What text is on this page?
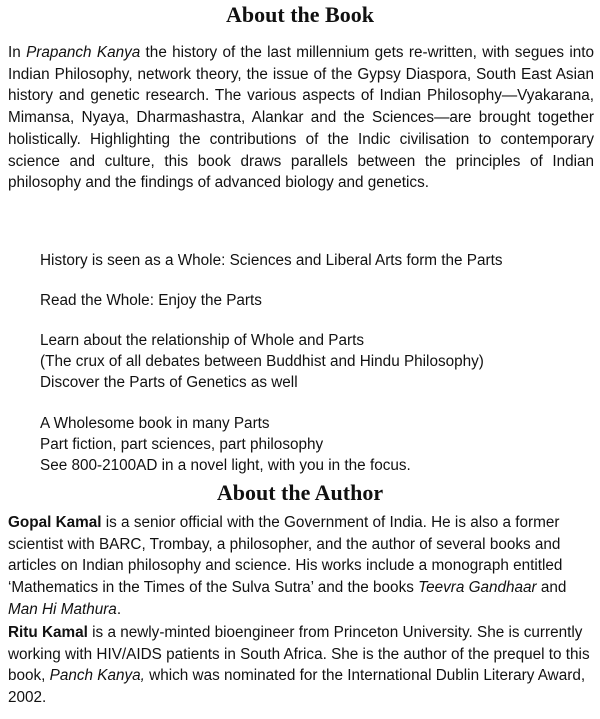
About the Book

In Prapanch Kanya the history of the last millennium gets re-written, with segues into Indian Philosophy, network theory, the issue of the Gypsy Diaspora, South East Asian history and genetic research. The various aspects of Indian Philosophy—Vyakarana, Mimansa, Nyaya, Dharmashastra, Alankar and the Sciences—are brought together holistically. Highlighting the contributions of the Indic civilisation to contemporary science and culture, this book draws parallels between the principles of Indian philosophy and the findings of advanced biology and genetics.

History is seen as a Whole: Sciences and Liberal Arts form the Parts

Read the Whole: Enjoy the Parts

Learn about the relationship of Whole and Parts

(The crux of all debates between Buddhist and Hindu Philosophy)

Discover the Parts of Genetics as well

A Wholesome book in many Parts

Part fiction, part sciences, part philosophy

See 800-2100AD in a novel light, with you in the focus.

About the Author

Gopal Kamal is a senior official with the Government of India. He is also a former scientist with BARC, Trombay, a philosopher, and the author of several books and articles on Indian philosophy and science. His works include a monograph entitled ‘Mathematics in the Times of the Sulva Sutra’ and the books Teevra Gandhaar and Man Hi Mathura.

Ritu Kamal is a newly-minted bioengineer from Princeton University. She is currently working with HIV/AIDS patients in South Africa. She is the author of the prequel to this book, Panch Kanya, which was nominated for the International Dublin Literary Award, 2002.
